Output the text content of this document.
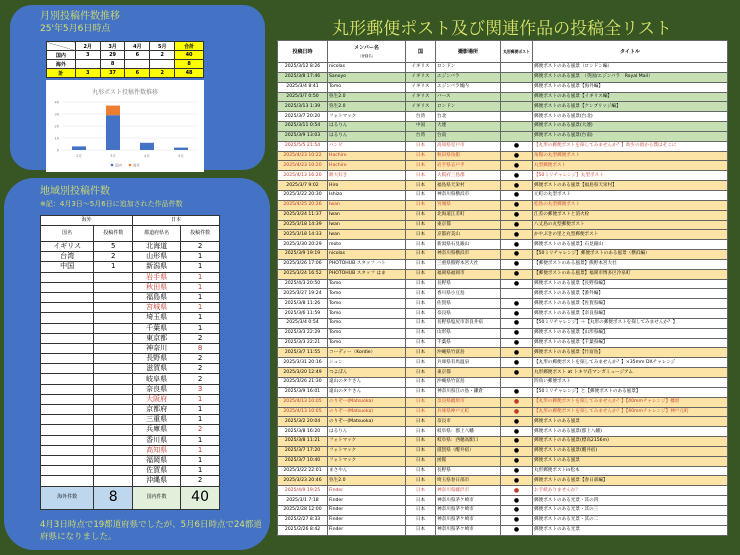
月別投稿件数推移
25'年5月6日時点
	2月	3月	4月	5月	合計
国内	3	29	6	2	40
海外		8			8
計	3	37	6	2	48
丸形ポスト投稿件数推移
0
10
20
30
40
2月	3月	4月	5月
国内	海外
地域別投稿件数
※記：4月3日～5月6日に追加された作品件数
海外		日本	
国名	投稿件数	都道府県名	投稿件数
イギリス	5	北海道	2
台湾	2	山形県	1
中国	1	新潟県	1
		岩手県	1
		秋田県	1
		福島県	1
		宮城県	1
		埼玉県	1
		千葉県	1
		東京都	2
		神奈川	8
		長野県	2
		滋賀県	2
		岐阜県	2
		奈良県	3
		大阪府	1
		京都府	1
		三重県	1
		兵庫県	2
		香川県	1
		高知県	1
		福岡県	1
		佐賀県	1
		沖縄県	2
海外件数	8	国内件数	40
4月3日時点で19都道府県でしたが、5月6日時点で24都道府県になりました。
丸形郵便ポスト及び関連作品の投稿全リスト
投稿日時	メンバー名
（登録名）	国	撮影場所	丸形郵便ポスト	タイトル
2025/3/12 8:26	nicolas	イギリス	ロンドン		郵便ポストのある風景（ロンドン編）
2025/3/8 17:46	Sanoyo	イギリス	エジンバラ		郵便ポストのある風景　（英国/エジンバラ　Royal Mail）
2025/3/4 8:41	Tomo	イギリス	エジンバラ城内		郵便ポストのある風景【海外編】
2025/3/7 0:50	弥生2.0	イギリス	バース		郵便ポストのある風景【イギリス編】
2025/3/13 1:39	弥生2.0	イギリス	ロンドン		郵便ポストのある風景【ケンブリッジ編】
2025/3/7 20:20	フォトマック	台湾	台北		郵便ポストのある風景(台北)
2025/3/11 0:54	はるりん	中国	大連		郵便ポストのある風景(大連)
2025/3/9 13:03	はるりん	台湾	台南		郵便ポストのある風景(台南)
2025/5/5 21:54	バンビ	日本	高知県室戸市	●	【丸形の郵便ポストを探してみませんか？】幼少の頃から僕はそこに
2025/4/23 10:22	Hachiro	日本	秋田県角館	●	角館の丸型郵便ポスト
2025/4/23 10:20	Hachiro	日本	岩手県志戸平	●	丸型郵便ポスト
2025/4/13 16:20	餅大好き	日本	大阪府三島郡	●	【50ミリチャレンジ】丸型ポスト
2025/3/7 9:02	Hiro	日本	福島県天栄村	●	郵便ポストのある風景【福島県天栄村】
2025/3/22 20:30	Ishizo	日本	神奈川県横浜市	●	元町の丸型ポスト
2025/4/25 20:26	Iwan	日本	宮城県	●	松島の丸型郵便ポスト
2025/3/24 11:37	Iwan	日本	北海道江差町	●	江差の郵便ポストと消火栓
2025/3/18 14:39	Iwan	日本	東京都	●	八丈島の丸型郵便ポスト
2025/3/18 14:33	Iwan	日本	京都府美山	●	かやぶきの里と丸型郵便ポスト
2025/3/30 20:29	moto	日本	新潟県石見銀山	●	郵便ポストのある風景】石見銀山
2025/3/9 19:19	nicolas	日本	神奈川県横浜市	●	【50ミリチャレンジ】郵便ポストのある風景（横浜編）
2025/3/26 17:06	PHOTOHUB スタッフ ハト	日本	三重県熊野本宮大社	●	【郵便ポストのある風景】熊野本宮大社
2025/3/24 16:52	PHOTOHUB スタッフ はま	日本	福岡県福岡市	●	【郵便ポストのある風景】福岡市博多区冷泉町
2025/4/3 20:50	Tomo	日本	長野県	●	郵便ポストのある風景【長野県編】
2025/3/27 19:24	Tomo	日本	香川県小豆島		郵便ポストのある風景【番外編】
2025/3/8 11:26	Tomo	日本	佐賀県	●	郵便ポストのある風景【佐賀県編】
2025/3/6 11:59	Tomo	日本	奈良県	●	郵便ポストのある風景【奈良県編】
2025/3/4 0:54	Tomo	日本	長野県塩尻市奈良井宿	●	【50ミリチャレンジ】＋【丸形の郵便ポストを探してみませんか？】
2025/3/3 22:29	Tomo	日本	山形県	●	郵便ポストのある風景【山形県編】
2025/3/3 22:21	Tomo	日本	千葉県	●	郵便ポストのある風景【千葉県編】
2025/3/7 11:55	コーディー（Kordie）	日本	沖縄県竹富島	●	郵便ポストのある風景【竹富島】
2025/3/31 20:16	シュン	日本	兵庫県有馬温泉	●	【丸形の郵便ポストを探してみませんか？】×35mm DXチャレンジ
2025/3/20 12:49	つよぽん	日本	東京都	●	丸形郵便ポスト at トキワ荘マンガミュージアム
2025/3/26 21:30	遠山のタケさん	日本	沖縄県竹富島		四角い郵便ポスト
2025/3/9 16:01	遠山のタケさん	日本	神奈川県江の島・鎌倉	●	【50ミリチャレンジ】と【郵便ポストのある風景】
2025/4/13 10:05	のりぞー(Matsuoka)	日本	奈良県橿原市	●	【丸形の郵便ポストを探してみませんか？】【40mmチャレンジ】橿原
2025/4/13 10:05	のりぞー(Matsuoka)	日本	兵庫県神戸元町	●	【丸形の郵便ポストを探してみませんか？】【40mmチャレンジ】神戸元町
2025/3/2 20:04	のりぞー(Matsuoka)	日本	奈良市	●	郵便ポストのある風景
2025/3/8 16:20	はるりん	日本	岐阜県：郡上八幡	●	郵便ポストのある風景(郡上八幡)
2025/3/8 11:21	フォトマック	日本	岐阜県：西穂高駅口	●	郵便ポストのある風景(標高2156m)
2025/3/7 17:20	フォトマック	日本	滋賀県（醒井宿）	●	郵便ポストのある風景(醒井宿)
2025/3/7 10:40	フォトマック	日本	函館	●	郵便ポストのある風景
2025/3/22 22:01	まさやん	日本	長野県	●	丸形郵便ポストin松本
2025/3/23 20:46	弥生2.0	日本	埼玉県春日部市	●	郵便ポストのある風景【春日部編】
2025/4/9 19:25	Finder	日本	神奈川県藤沢市	●	お手紙ありませんか？
2025/3/1 7:18	Finder	日本	神奈川県茅ケ崎市	●	郵便ポストのある光景・其の四
2025/2/28 12:00	Finder	日本	神奈川県茅ケ崎市	●	郵便ポストのある光景・其の三
2025/2/27 8:33	Finder	日本	神奈川県茅ケ崎市	●	郵便ポストのある光景・其の二
2025/2/26 8:42	Finder	日本	神奈川県茅ケ崎市	●	郵便ポストのある光景
